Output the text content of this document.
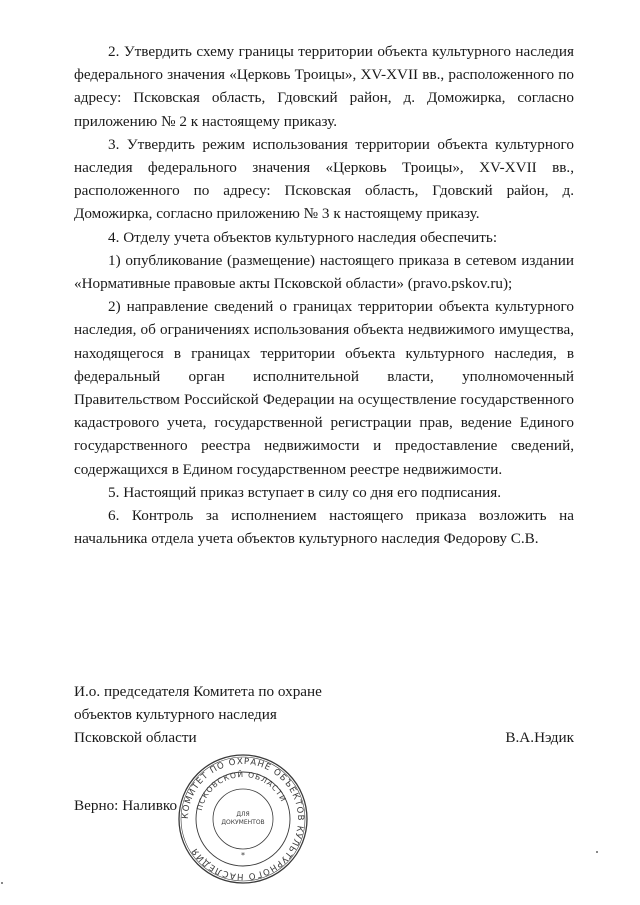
2. Утвердить схему границы территории объекта культурного наследия федерального значения «Церковь Троицы», XV-XVII вв., расположенного по адресу: Псковская область, Гдовский район, д. Доможирка, согласно приложению № 2 к настоящему приказу.

3. Утвердить режим использования территории объекта культурного наследия федерального значения «Церковь Троицы», XV-XVII вв., расположенного по адресу: Псковская область, Гдовский район, д. Доможирка, согласно приложению № 3 к настоящему приказу.

4. Отделу учета объектов культурного наследия обеспечить:

1) опубликование (размещение) настоящего приказа в сетевом издании «Нормативные правовые акты Псковской области» (pravo.pskov.ru);

2) направление сведений о границах территории объекта культурного наследия, об ограничениях использования объекта недвижимого имущества, находящегося в границах территории объекта культурного наследия, в федеральный орган исполнительной власти, уполномоченный Правительством Российской Федерации на осуществление государственного кадастрового учета, государственной регистрации прав, ведение Единого государственного реестра недвижимости и предоставление сведений, содержащихся в Едином государственном реестре недвижимости.

5. Настоящий приказ вступает в силу со дня его подписания.

6. Контроль за исполнением настоящего приказа возложить на начальника отдела учета объектов культурного наследия Федорову С.В.

И.о. председателя Комитета по охране
объектов культурного наследия
Псковской области	В.А.Нэдик
Верно: Наливко
КОМИТЕТ ПО ОХРАНЕ ОБЪЕКТОВ КУЛЬТУРНОГО НАСЛЕДИЯ
ПСКОВСКОЙ ОБЛАСТИ
ДЛЯ
ДОКУМЕНТОВ
*
